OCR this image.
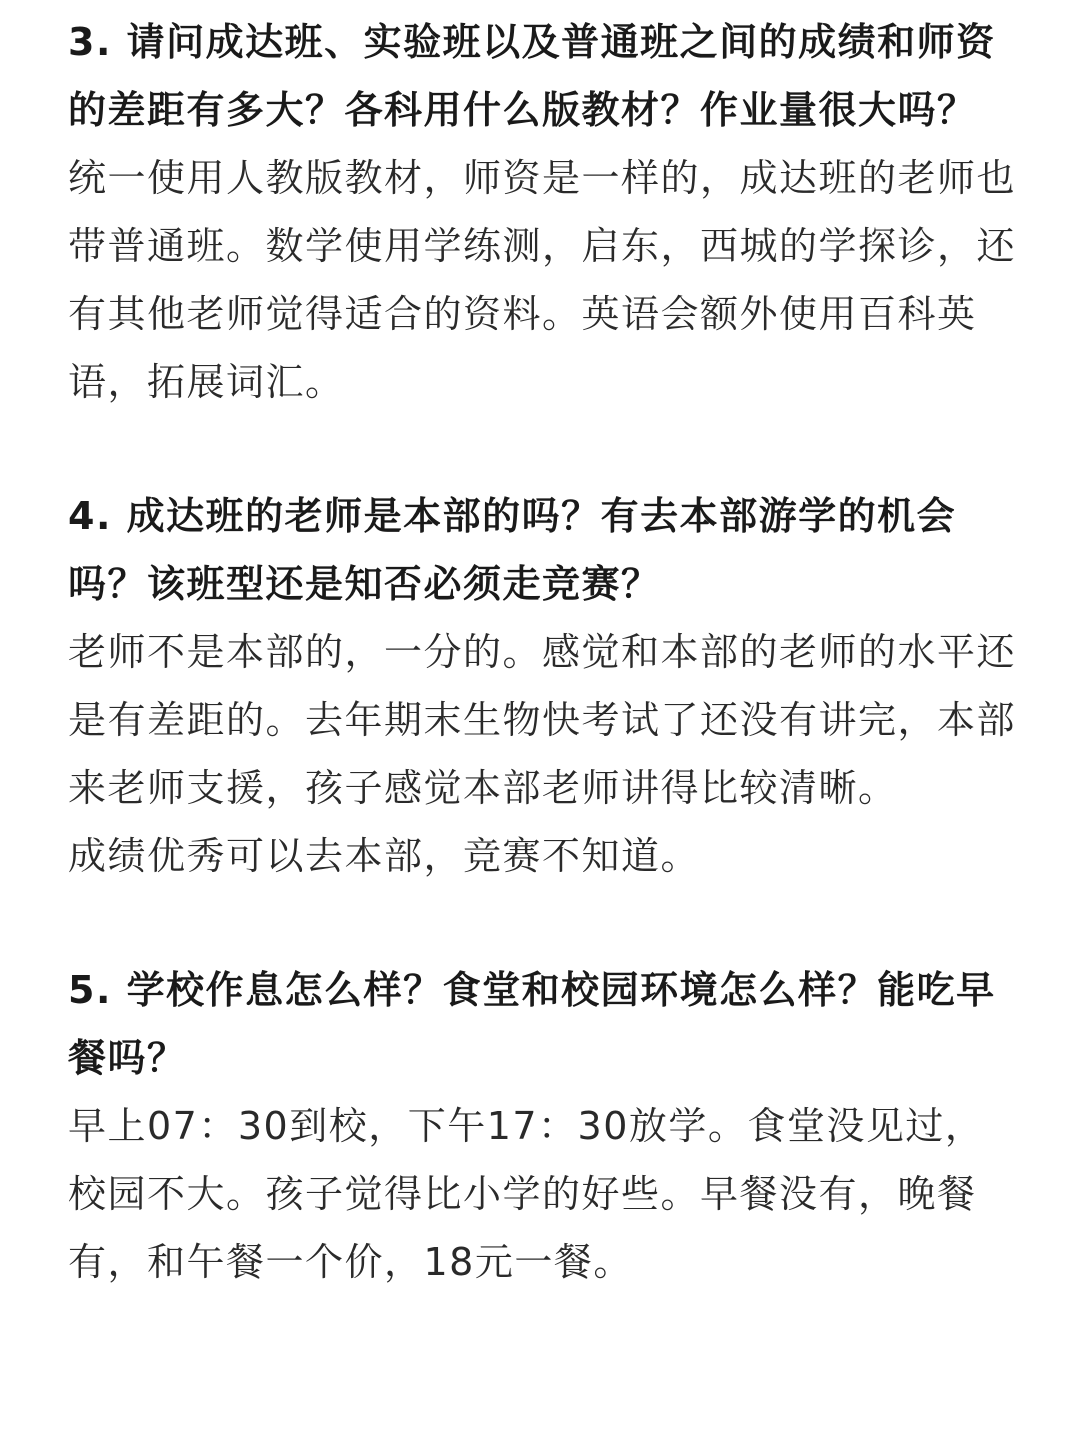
3. 请问成达班、实验班以及普通班之间的成绩和师资的差距有多大？各科用什么版教材？作业量很大吗？

统一使用人教版教材，师资是一样的，成达班的老师也带普通班。数学使用学练测，启东，西城的学探诊，还有其他老师觉得适合的资料。英语会额外使用百科英语，拓展词汇。

4. 成达班的老师是本部的吗？有去本部游学的机会吗？该班型还是知否必须走竞赛？

老师不是本部的，一分的。感觉和本部的老师的水平还是有差距的。去年期末生物快考试了还没有讲完，本部来老师支援，孩子感觉本部老师讲得比较清晰。

成绩优秀可以去本部，竞赛不知道。

5. 学校作息怎么样？食堂和校园环境怎么样？能吃早餐吗？

早上07：30到校，下午17：30放学。食堂没见过，校园不大。孩子觉得比小学的好些。早餐没有，晚餐有，和午餐一个价，18元一餐。
